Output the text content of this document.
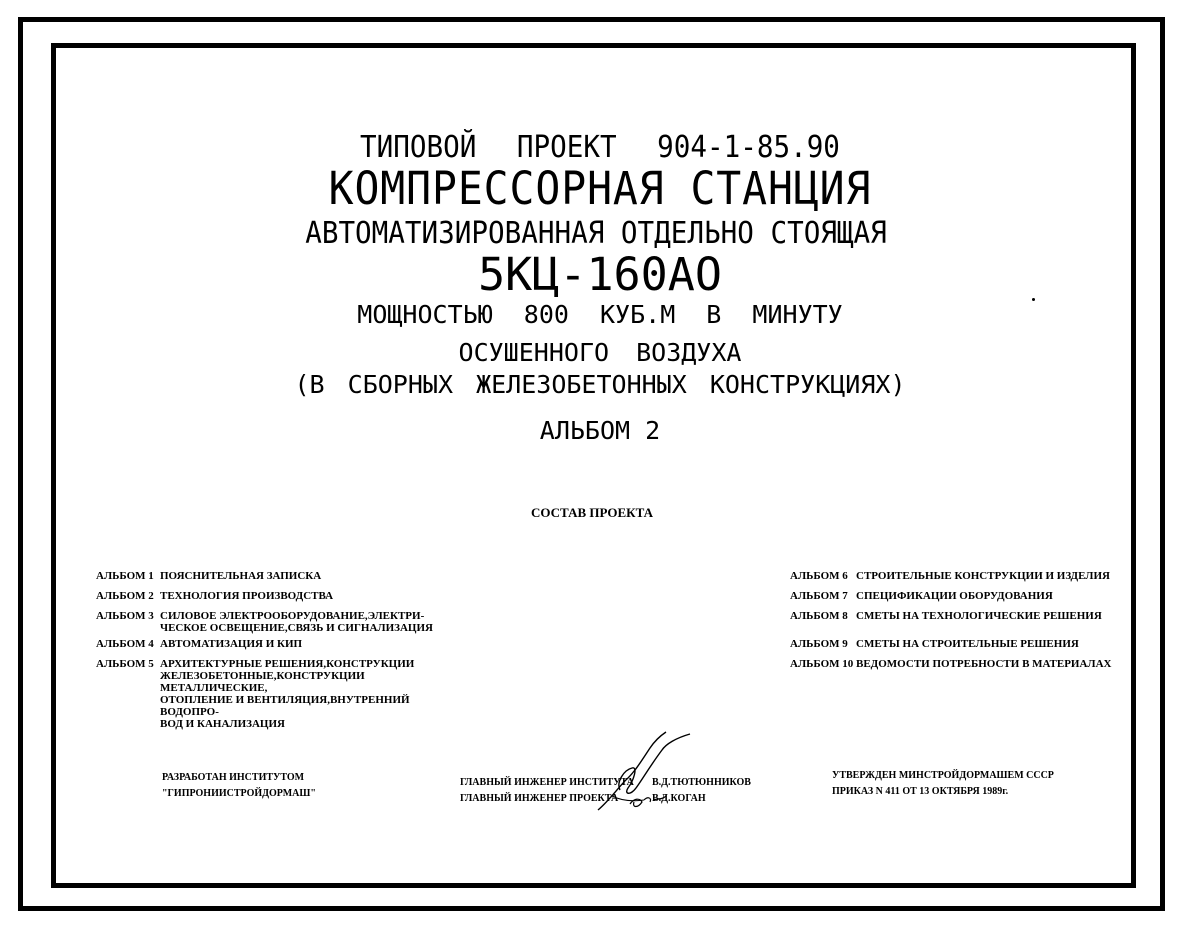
ТИПОВОЙ ПРОЕКТ 904-1-85.90
КОМПРЕССОРНАЯ СТАНЦИЯ
АВТОМАТИЗИРОВАННАЯ ОТДЕЛЬНО СТОЯЩАЯ
5КЦ-160АО
МОЩНОСТЬЮ 800 КУБ.М В МИНУТУ
ОСУШЕННОГО ВОЗДУХА
(В СБОРНЫХ ЖЕЛЕЗОБЕТОННЫХ КОНСТРУКЦИЯХ)
АЛЬБОМ 2
СОСТАВ ПРОЕКТА
АЛЬБОМ 1 ПОЯСНИТЕЛЬНАЯ ЗАПИСКА
АЛЬБОМ 2 ТЕХНОЛОГИЯ ПРОИЗВОДСТВА
АЛЬБОМ 3 СИЛОВОЕ ЭЛЕКТРООБОРУДОВАНИЕ,ЭЛЕКТРИ-
ЧЕСКОЕ ОСВЕЩЕНИЕ,СВЯЗЬ И СИГНАЛИЗАЦИЯ
АЛЬБОМ 4 АВТОМАТИЗАЦИЯ И КИП
АЛЬБОМ 5 АРХИТЕКТУРНЫЕ РЕШЕНИЯ,КОНСТРУКЦИИ
ЖЕЛЕЗОБЕТОННЫЕ,КОНСТРУКЦИИ МЕТАЛЛИЧЕСКИЕ,
ОТОПЛЕНИЕ И ВЕНТИЛЯЦИЯ,ВНУТРЕННИЙ ВОДОПРО-
ВОД И КАНАЛИЗАЦИЯ
АЛЬБОМ 6 СТРОИТЕЛЬНЫЕ КОНСТРУКЦИИ И ИЗДЕЛИЯ
АЛЬБОМ 7 СПЕЦИФИКАЦИИ ОБОРУДОВАНИЯ
АЛЬБОМ 8 СМЕТЫ НА ТЕХНОЛОГИЧЕСКИЕ РЕШЕНИЯ
АЛЬБОМ 9 СМЕТЫ НА СТРОИТЕЛЬНЫЕ РЕШЕНИЯ
АЛЬБОМ 10 ВЕДОМОСТИ ПОТРЕБНОСТИ В МАТЕРИАЛАХ
РАЗРАБОТАН ИНСТИТУТОМ
"ГИПРОНИИСТРОЙДОРМАШ"
ГЛАВНЫЙ ИНЖЕНЕР ИНСТИТУТА
ГЛАВНЫЙ ИНЖЕНЕР ПРОЕКТА
В.Д.ТЮТЮННИКОВ
В.Д.КОГАН
УТВЕРЖДЕН МИНСТРОЙДОРМАШЕМ СССР
ПРИКАЗ N 411 ОТ 13 ОКТЯБРЯ 1989г.
